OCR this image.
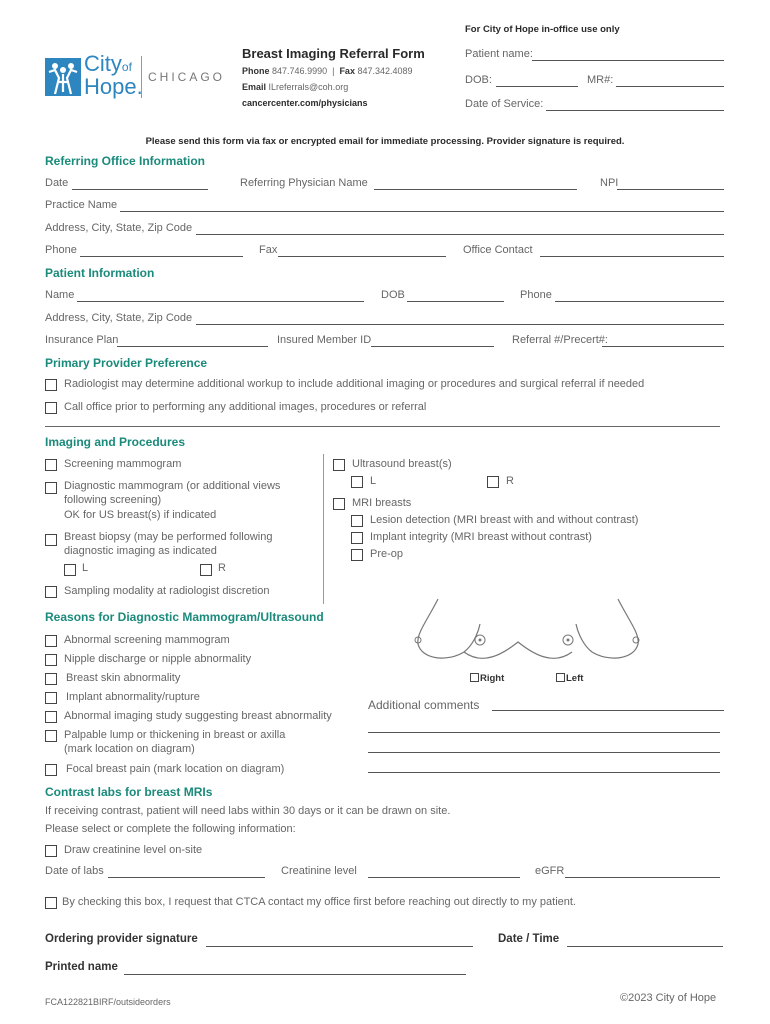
For City of Hope in-office use only
Patient name:
DOB:	MR#:
Date of Service:
Cityof
Hope. CHICAGO
Breast Imaging Referral Form
Phone 847.746.9990  |  Fax 847.342.4089
Email ILreferrals@coh.org
cancercenter.com/physicians
Please send this form via fax or encrypted email for immediate processing. Provider signature is required.
Referring Office Information
Date	Referring Physician Name	NPI
Practice Name
Address, City, State, Zip Code
Phone	Fax	Office Contact
Patient Information
Name	DOB	Phone
Address, City, State, Zip Code
Insurance Plan	Insured Member ID	Referral #/Precert#:
Primary Provider Preference
Radiologist may determine additional workup to include additional imaging or procedures and surgical referral if needed
Call office prior to performing any additional images, procedures or referral
Imaging and Procedures
Screening mammogram
Diagnostic mammogram (or additional views
following screening)
OK for US breast(s) if indicated
Breast biopsy (may be performed following
diagnostic imaging as indicated
L	R
Sampling modality at radiologist discretion
Ultrasound breast(s)
L	R
MRI breasts
Lesion detection (MRI breast with and without contrast)
Implant integrity (MRI breast without contrast)
Pre-op
Reasons for Diagnostic Mammogram/Ultrasound
Abnormal screening mammogram
Nipple discharge or nipple abnormality
Breast skin abnormality
Implant abnormality/rupture
Abnormal imaging study suggesting breast abnormality
Palpable lump or thickening in breast or axilla
(mark location on diagram)
Focal breast pain (mark location on diagram)
Right	Left
Additional comments
Contrast labs for breast MRIs
If receiving contrast, patient will need labs within 30 days or it can be drawn on site.
Please select or complete the following information:
Draw creatinine level on-site
Date of labs	Creatinine level	eGFR
By checking this box, I request that CTCA contact my office first before reaching out directly to my patient.
Ordering provider signature	Date / Time
Printed name
FCA122821BIRF/outsideorders	©2023 City of Hope
